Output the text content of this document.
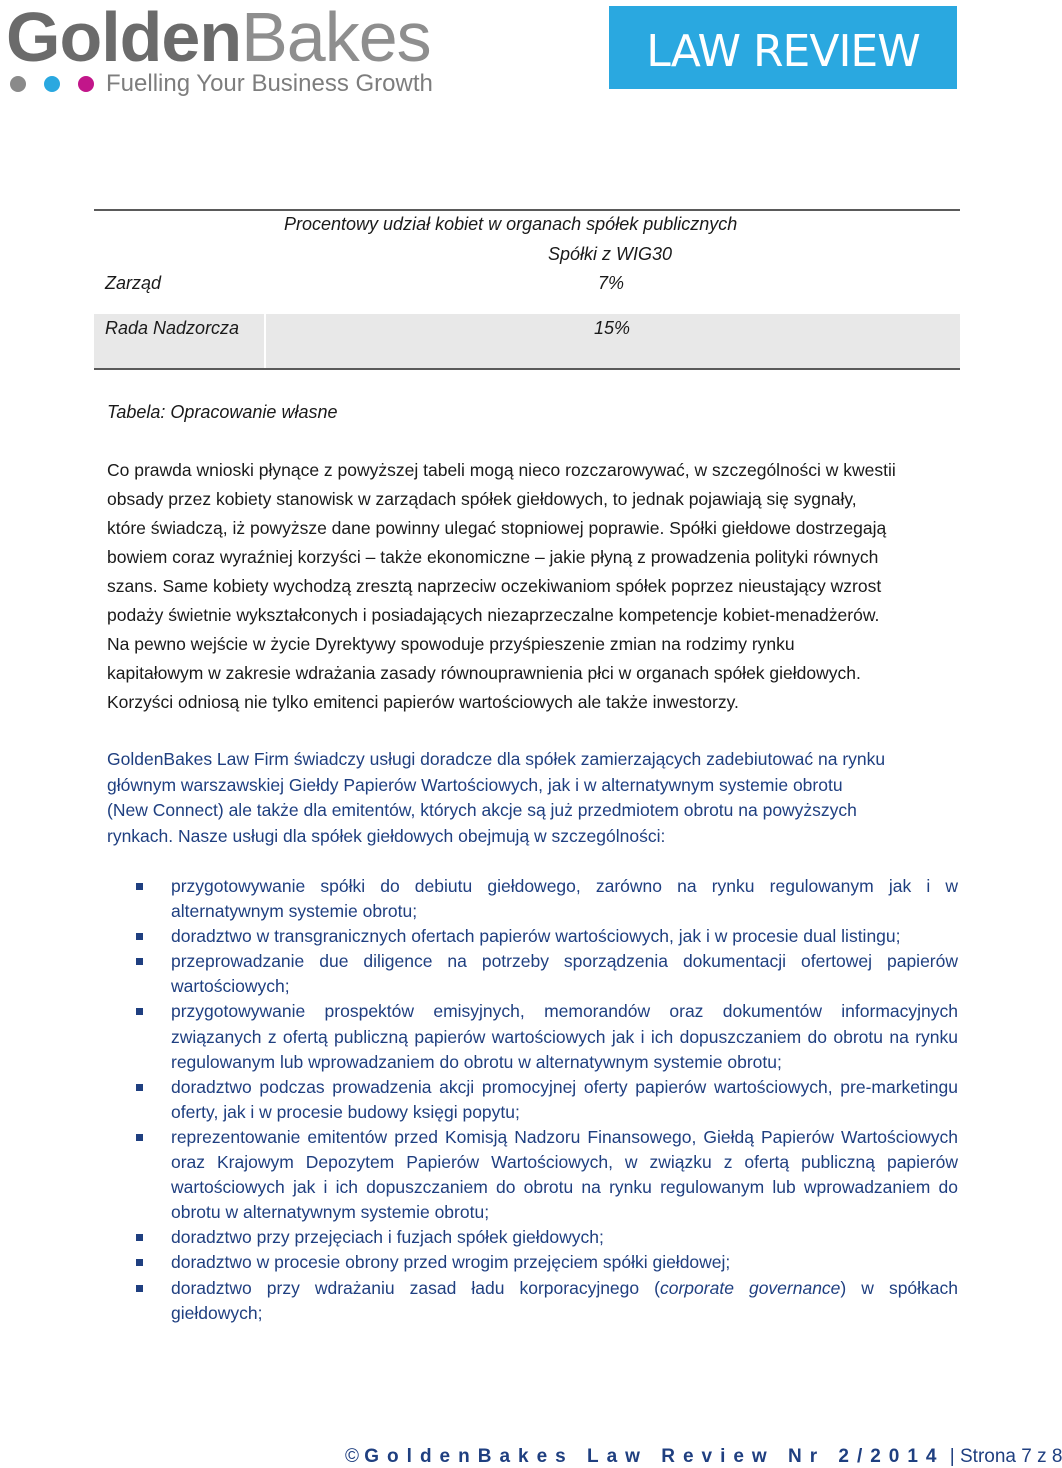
GoldenBakes
Fuelling Your Business Growth
LAW REVIEW
Procentowy udział kobiet w organach spółek publicznych
Spółki z WIG30
Zarząd	7%
Rada Nadzorcza	15%
Tabela: Opracowanie własne
Co prawda wnioski płynące z powyższej tabeli mogą nieco rozczarowywać, w szczególności w kwestii
obsady przez kobiety stanowisk w zarządach spółek giełdowych, to jednak pojawiają się sygnały,
które świadczą, iż powyższe dane powinny ulegać stopniowej poprawie. Spółki giełdowe dostrzegają
bowiem coraz wyraźniej korzyści – także ekonomiczne – jakie płyną z prowadzenia polityki równych
szans. Same kobiety wychodzą zresztą naprzeciw oczekiwaniom spółek poprzez nieustający wzrost
podaży świetnie wykształconych i posiadających niezaprzeczalne kompetencje kobiet-menadżerów.
Na pewno wejście w życie Dyrektywy spowoduje przyśpieszenie zmian na rodzimy rynku
kapitałowym w zakresie wdrażania zasady równouprawnienia płci w organach spółek giełdowych.
Korzyści odniosą nie tylko emitenci papierów wartościowych ale także inwestorzy.
GoldenBakes Law Firm świadczy usługi doradcze dla spółek zamierzających zadebiutować na rynku
głównym warszawskiej Giełdy Papierów Wartościowych, jak i w alternatywnym systemie obrotu
(New Connect) ale także dla emitentów, których akcje są już przedmiotem obrotu na powyższych
rynkach. Nasze usługi dla spółek giełdowych obejmują w szczególności:
przygotowywanie spółki do debiutu giełdowego, zarówno na rynku regulowanym jak i w alternatywnym systemie obrotu;
doradztwo w transgranicznych ofertach papierów wartościowych, jak i w procesie dual listingu;
przeprowadzanie due diligence na potrzeby sporządzenia dokumentacji ofertowej papierów wartościowych;
przygotowywanie prospektów emisyjnych, memorandów oraz dokumentów informacyjnych związanych z ofertą publiczną papierów wartościowych jak i ich dopuszczaniem do obrotu na rynku regulowanym lub wprowadzaniem do obrotu w alternatywnym systemie obrotu;
doradztwo podczas prowadzenia akcji promocyjnej oferty papierów wartościowych, pre-marketingu oferty, jak i w procesie budowy księgi popytu;
reprezentowanie emitentów przed Komisją Nadzoru Finansowego, Giełdą Papierów Wartościowych oraz Krajowym Depozytem Papierów Wartościowych, w związku z ofertą publiczną papierów wartościowych jak i ich dopuszczaniem do obrotu na rynku regulowanym lub wprowadzaniem do obrotu w alternatywnym systemie obrotu;
doradztwo przy przejęciach i fuzjach spółek giełdowych;
doradztwo w procesie obrony przed wrogim przejęciem spółki giełdowej;
doradztwo przy wdrażaniu zasad ładu korporacyjnego (corporate governance) w spółkach giełdowych;
© GoldenBakes Law Review Nr 2/2014 | Strona 7 z 8
